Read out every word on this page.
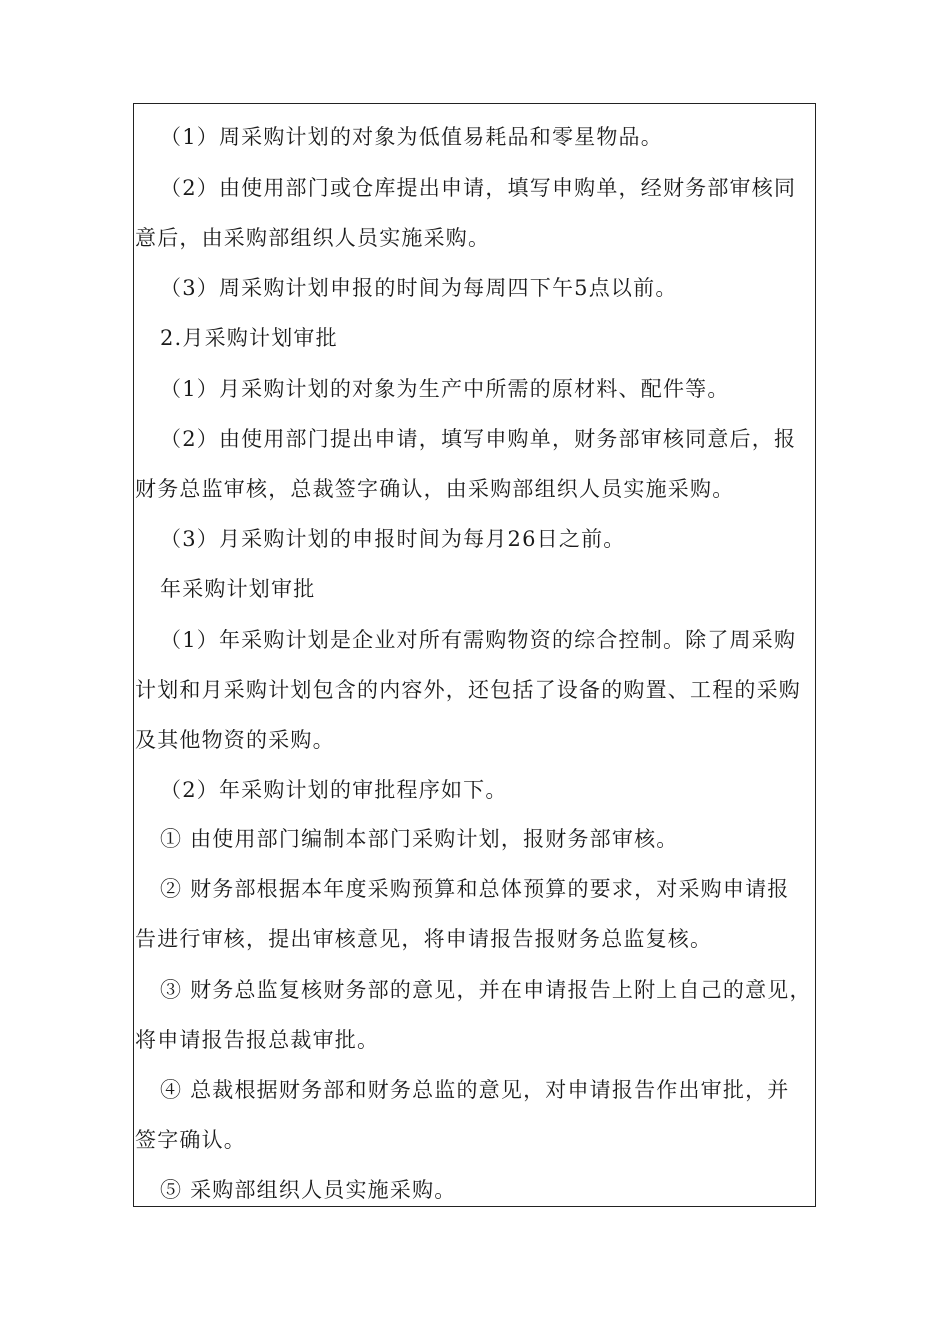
（1）周采购计划的对象为低值易耗品和零星物品。
（2）由使用部门或仓库提出申请，填写申购单，经财务部审核同
意后，由采购部组织人员实施采购。
（3）周采购计划申报的时间为每周四下午5点以前。
2.月采购计划审批
（1）月采购计划的对象为生产中所需的原材料、配件等。
（2）由使用部门提出申请，填写申购单，财务部审核同意后，报
财务总监审核，总裁签字确认，由采购部组织人员实施采购。
（3）月采购计划的申报时间为每月26日之前。
年采购计划审批
（1）年采购计划是企业对所有需购物资的综合控制。除了周采购
计划和月采购计划包含的内容外，还包括了设备的购置、工程的采购
及其他物资的采购。
（2）年采购计划的审批程序如下。
① 由使用部门编制本部门采购计划，报财务部审核。
② 财务部根据本年度采购预算和总体预算的要求，对采购申请报
告进行审核，提出审核意见，将申请报告报财务总监复核。
③ 财务总监复核财务部的意见，并在申请报告上附上自己的意见，
将申请报告报总裁审批。
④ 总裁根据财务部和财务总监的意见，对申请报告作出审批，并
签字确认。
⑤ 采购部组织人员实施采购。
